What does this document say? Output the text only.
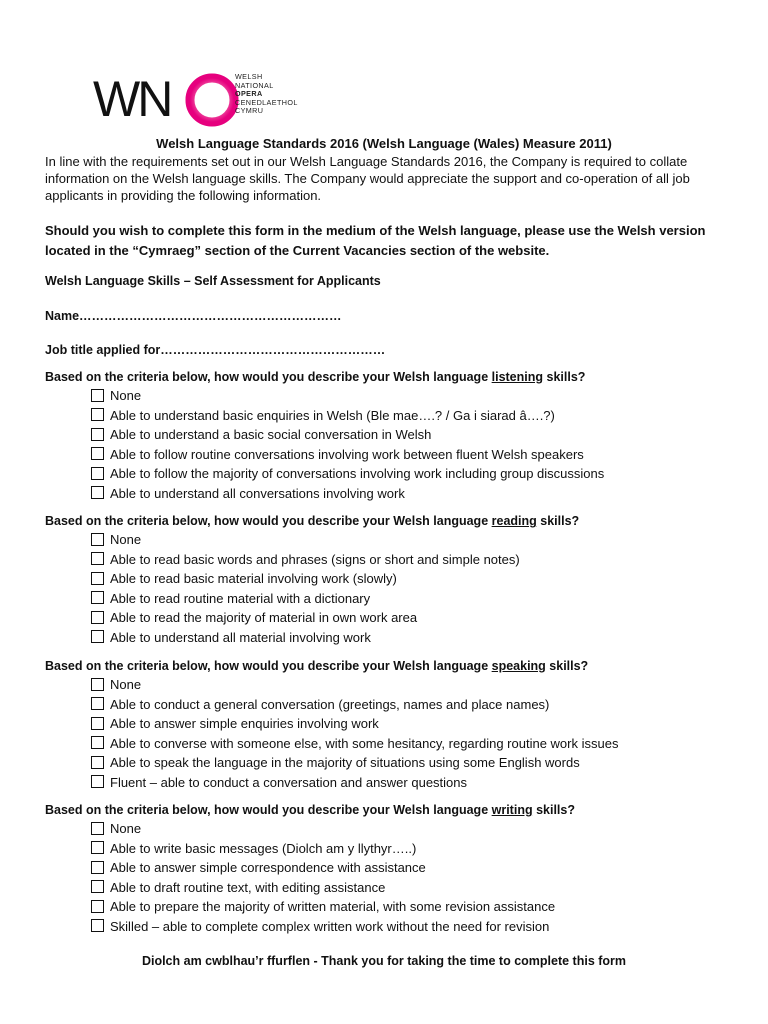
WN	WELSH
NATIONAL
OPERA
CENEDLAETHOL
CYMRU
Welsh Language Standards 2016 (Welsh Language (Wales) Measure 2011)
In line with the requirements set out in our Welsh Language Standards 2016, the Company is required to collate information on the Welsh language skills. The Company would appreciate the support and co-operation of all job applicants in providing the following information.
Should you wish to complete this form in the medium of the Welsh language, please use the Welsh version located in the “Cymraeg” section of the Current Vacancies section of the website.
Welsh Language Skills – Self Assessment for Applicants
Name………………………………………………………
Job title applied for………………………………………………
Based on the criteria below, how would you describe your Welsh language listening skills?
None
Able to understand basic enquiries in Welsh (Ble mae….? / Ga i siarad â….?)
Able to understand a basic social conversation in Welsh
Able to follow routine conversations involving work between fluent Welsh speakers
Able to follow the majority of conversations involving work including group discussions
Able to understand all conversations involving work
Based on the criteria below, how would you describe your Welsh language reading skills?
None
Able to read basic words and phrases (signs or short and simple notes)
Able to read basic material involving work (slowly)
Able to read routine material with a dictionary
Able to read the majority of material in own work area
Able to understand all material involving work
Based on the criteria below, how would you describe your Welsh language speaking skills?
None
Able to conduct a general conversation (greetings, names and place names)
Able to answer simple enquiries involving work
Able to converse with someone else, with some hesitancy, regarding routine work issues
Able to speak the language in the majority of situations using some English words
Fluent – able to conduct a conversation and answer questions
Based on the criteria below, how would you describe your Welsh language writing skills?
None
Able to write basic messages (Diolch am y llythyr…..)
Able to answer simple correspondence with assistance
Able to draft routine text, with editing assistance
Able to prepare the majority of written material, with some revision assistance
Skilled – able to complete complex written work without the need for revision
Diolch am cwblhau’r ffurflen - Thank you for taking the time to complete this form
